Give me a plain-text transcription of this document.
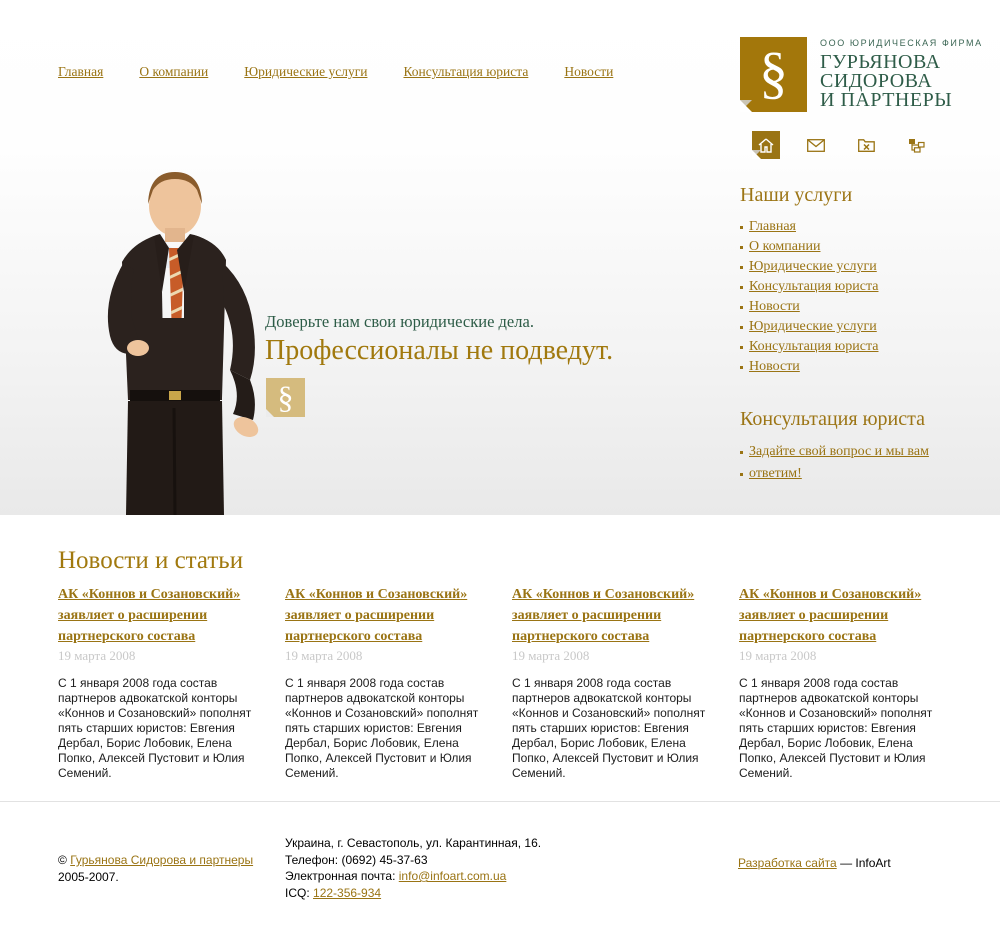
Главная	О компании	Юридические услуги	Консультация юриста	Новости	§	ООО ЮРИДИЧЕСКАЯ ФИРМА
ГУРЬЯНОВА
СИДОРОВА
И ПАРТНЕРЫ
Наши услуги
Главная
О компании
Юридические услуги
Консультация юриста
Новости
Юридические услуги
Консультация юриста
Новости
Консультация юриста
Задайте свой вопрос и мы вам
ответим!
Доверьте нам свои юридические дела.
Профессионалы не подведут.
§
Новости и статьи
АК «Коннов и Созановский» заявляет о расширении партнерского состава
19 марта 2008

С 1 января 2008 года состав партнеров адвокатской конторы «Коннов и Созановский» пополнят пять старших юристов: Евгения Дербал, Борис Лобовик, Елена Попко, Алексей Пустовит и Юлия Семений.

АК «Коннов и Созановский» заявляет о расширении партнерского состава
19 марта 2008

С 1 января 2008 года состав партнеров адвокатской конторы «Коннов и Созановский» пополнят пять старших юристов: Евгения Дербал, Борис Лобовик, Елена Попко, Алексей Пустовит и Юлия Семений.

АК «Коннов и Созановский» заявляет о расширении партнерского состава
19 марта 2008

С 1 января 2008 года состав партнеров адвокатской конторы «Коннов и Созановский» пополнят пять старших юристов: Евгения Дербал, Борис Лобовик, Елена Попко, Алексей Пустовит и Юлия Семений.

АК «Коннов и Созановский» заявляет о расширении партнерского состава
19 марта 2008

С 1 января 2008 года состав партнеров адвокатской конторы «Коннов и Созановский» пополнят пять старших юристов: Евгения Дербал, Борис Лобовик, Елена Попко, Алексей Пустовит и Юлия Семений.

© Гурьянова Сидорова и партнеры
2005-2007.
Украина, г. Севастополь, ул. Карантинная, 16.
Телефон: (0692) 45-37-63
Электронная почта: info@infoart.com.ua
ICQ: 122-356-934
Разработка сайта — InfoArt
